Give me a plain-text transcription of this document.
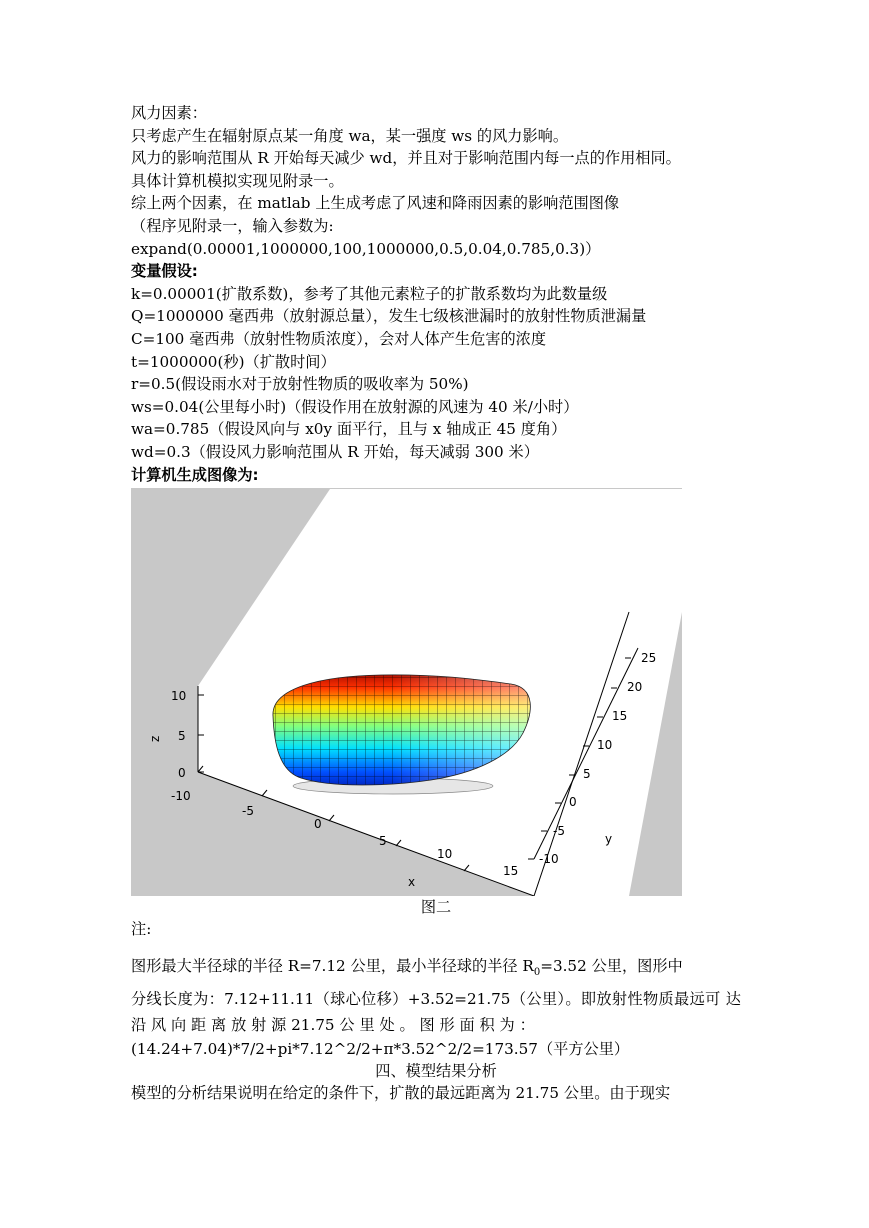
风力因素：
只考虑产生在辐射原点某一角度 wa，某一强度 ws 的风力影响。
风力的影响范围从 R 开始每天减少 wd，并且对于影响范围内每一点的作用相同。
具体计算机模拟实现见附录一。
综上两个因素，在 matlab 上生成考虑了风速和降雨因素的影响范围图像
（程序见附录一，输入参数为:
expand(0.00001,1000000,100,1000000,0.5,0.04,0.785,0.3)）
变量假设:
k=0.00001(扩散系数)，参考了其他元素粒子的扩散系数均为此数量级
Q=1000000 毫西弗（放射源总量），发生七级核泄漏时的放射性物质泄漏量
C=100 毫西弗（放射性物质浓度），会对人体产生危害的浓度
t=1000000(秒)（扩散时间）
r=0.5(假设雨水对于放射性物质的吸收率为 50%)
ws=0.04(公里每小时)（假设作用在放射源的风速为 40 米/小时）
wa=0.785（假设风向与 x0y 面平行，且与 x 轴成正 45 度角）
wd=0.3（假设风力影响范围从 R 开始，每天减弱 300 米）
计算机生成图像为:
10
5
0
z
-10
-5
0
5
10
15
x
-10
-5
0
5
10
15
20
25
y
图二
注:
图形最大半径球的半径 R=7.12 公里，最小半径球的半径 $R_0=3.52$ 公里，图形中
分线长度为：7.12+11.11（球心位移）+3.52=21.75（公里）。即放射性物质最远可 达 沿 风 向 距 离 放 射 源 21.75 公 里 处 。 图 形 面 积 为 ：
(14.24+7.04)*7/2+pi*7.12^2/2+π*3.52^2/2=173.57（平方公里）
四、模型结果分析
模型的分析结果说明在给定的条件下，扩散的最远距离为 21.75 公里。由于现实
